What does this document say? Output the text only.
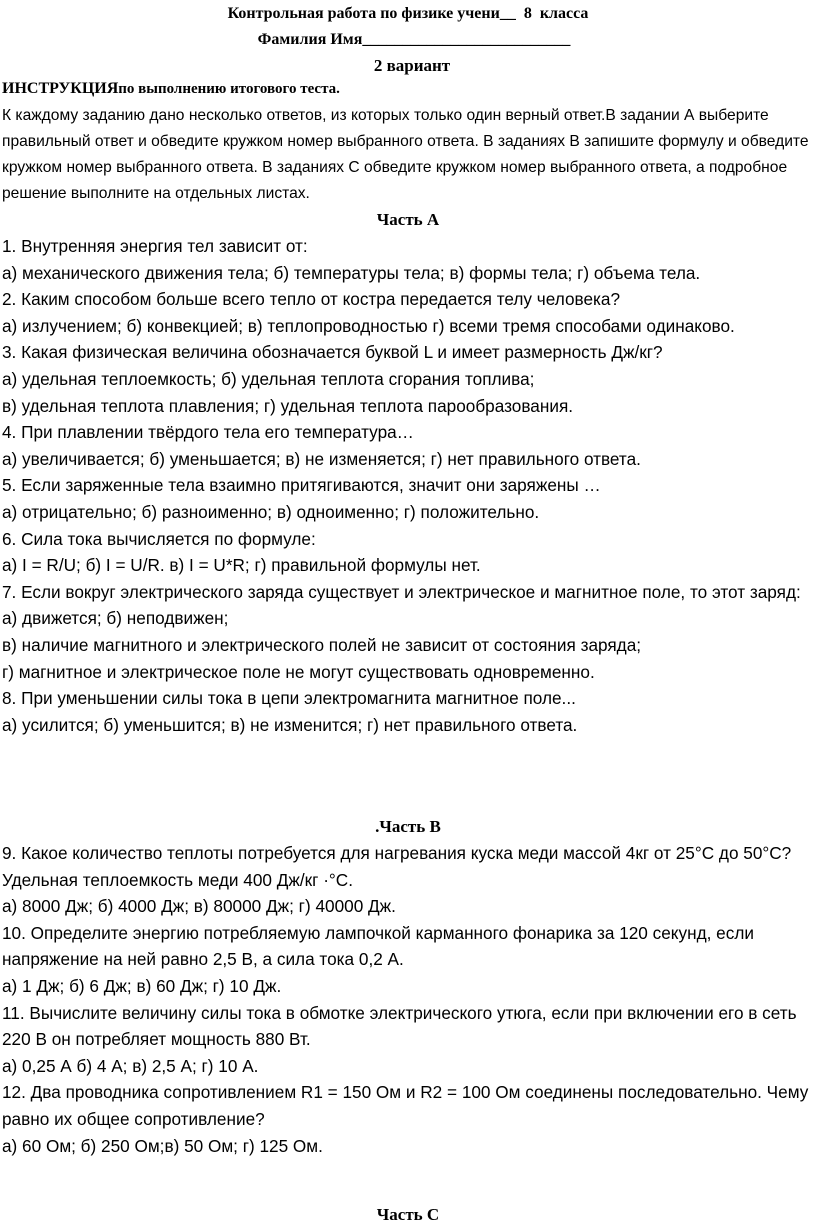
Контрольная работа по физике учени__  8  класса
Фамилия Имя__________________________
2 вариант
ИНСТРУКЦИЯпо выполнению итогового теста.
К каждому заданию дано несколько ответов, из которых только один верный ответ.В задании А выберите правильный ответ и обведите кружком номер выбранного ответа. В заданиях В запишите формулу и обведите кружком номер выбранного ответа. В заданиях С обведите кружком номер выбранного ответа, а подробное решение выполните на отдельных листах.
Часть А

1. Внутренняя энергия тел зависит от:

а) механического движения тела; б) температуры тела; в) формы тела; г) объема тела.

2. Каким способом больше всего тепло от костра передается телу человека?

а) излучением; б) конвекцией; в) теплопроводностью г) всеми тремя способами одинаково.

3. Какая физическая величина обозначается буквой L и имеет размерность Дж/кг?

а) удельная теплоемкость; б) удельная теплота сгорания топлива;

в) удельная теплота плавления; г) удельная теплота парообразования.

4. При плавлении твёрдого тела его температура…

а) увеличивается; б) уменьшается; в) не изменяется; г) нет правильного ответа.

5. Если заряженные тела взаимно притягиваются, значит они заряжены …

а) отрицательно; б) разноименно; в) одноименно; г) положительно.

6. Сила тока вычисляется по формуле:

а) I = R/U; б) I = U/R. в) I = U*R; г) правильной формулы нет.

7. Если вокруг электрического заряда существует и электрическое и магнитное поле, то этот заряд:

а) движется; б) неподвижен;

в) наличие магнитного и электрического полей не зависит от состояния заряда;

г) магнитное и электрическое поле не могут существовать одновременно.

8. При уменьшении силы тока в цепи электромагнита магнитное поле...

а) усилится; б) уменьшится; в) не изменится; г) нет правильного ответа.

.Часть В

9. Какое количество теплоты потребуется для нагревания куска меди массой 4кг от 25°С до 50°С? Удельная теплоемкость меди 400 Дж/кг ·°С.

а) 8000 Дж; б) 4000 Дж; в) 80000 Дж; г) 40000 Дж.

10. Определите энергию потребляемую лампочкой карманного фонарика за 120 секунд, если напряжение на ней равно 2,5 В, а сила тока 0,2 А.

а) 1 Дж; б) 6 Дж; в) 60 Дж; г) 10 Дж.

11. Вычислите величину силы тока в обмотке электрического утюга, если при включении его в сеть 220 В он потребляет мощность 880 Вт.

а) 0,25 А б) 4 А; в) 2,5 А; г) 10 А.

12. Два проводника сопротивлением R1 = 150 Ом и R2 = 100 Ом соединены последовательно. Чему равно их общее сопротивление?

а) 60 Ом; б) 250 Ом;в) 50 Ом; г) 125 Ом.

Часть С
